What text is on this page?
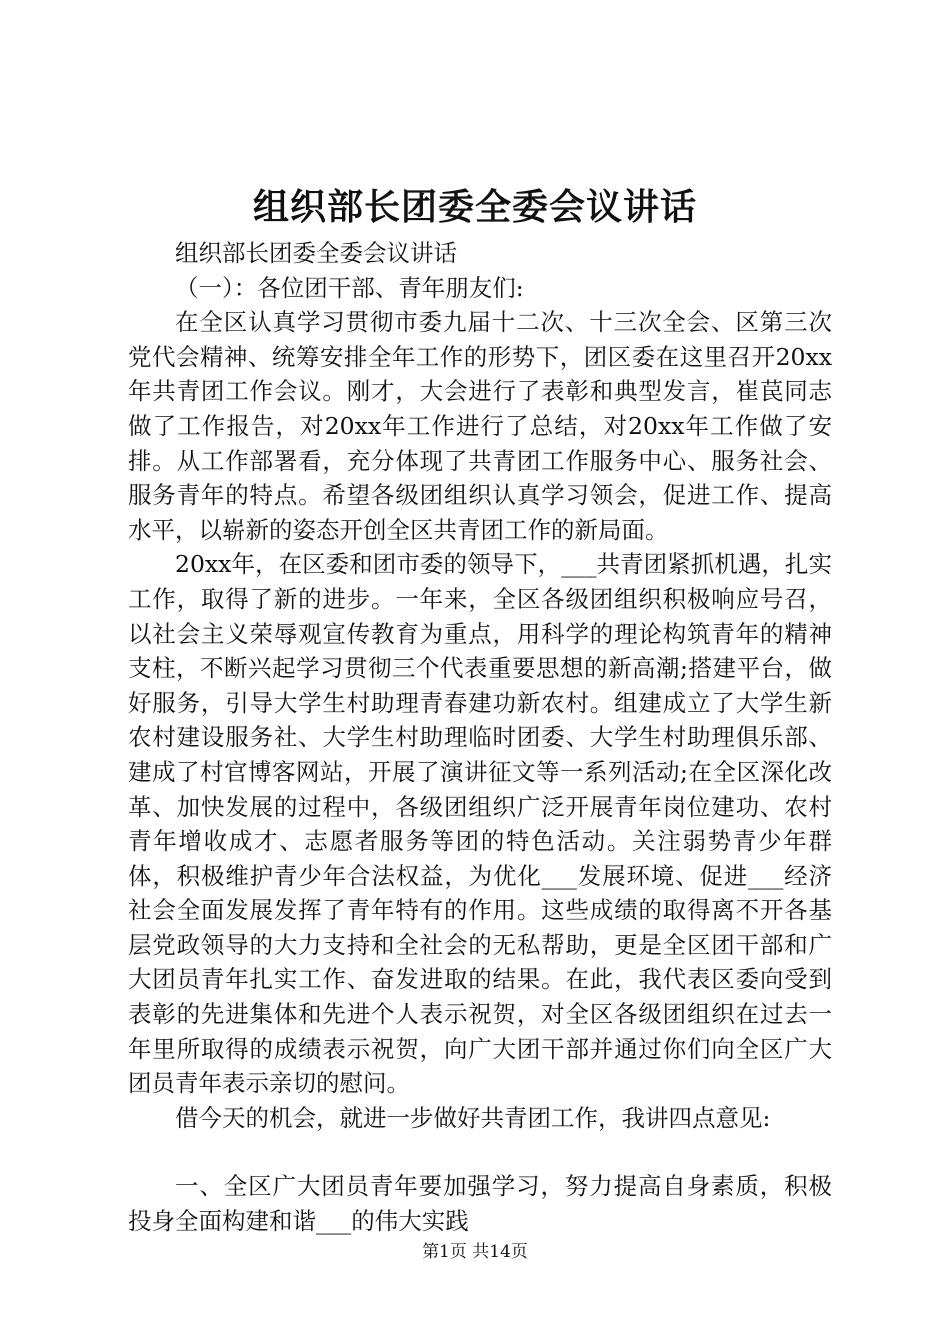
组织部长团委全委会议讲话

组织部长团委全委会议讲话

（一）：各位团干部、青年朋友们:

在全区认真学习贯彻市委九届十二次、十三次全会、区第三次党代会精神、统筹安排全年工作的形势下，团区委在这里召开20xx年共青团工作会议。刚才，大会进行了表彰和典型发言，崔苠同志做了工作报告，对20xx年工作进行了总结，对20xx年工作做了安排。从工作部署看，充分体现了共青团工作服务中心、服务社会、服务青年的特点。希望各级团组织认真学习领会，促进工作、提高水平，以崭新的姿态开创全区共青团工作的新局面。

20xx年，在区委和团市委的领导下，___共青团紧抓机遇，扎实工作，取得了新的进步。一年来，全区各级团组织积极响应号召，以社会主义荣辱观宣传教育为重点，用科学的理论构筑青年的精神支柱，不断兴起学习贯彻三个代表重要思想的新高潮;搭建平台，做好服务，引导大学生村助理青春建功新农村。组建成立了大学生新农村建设服务社、大学生村助理临时团委、大学生村助理俱乐部、建成了村官博客网站，开展了演讲征文等一系列活动;在全区深化改革、加快发展的过程中，各级团组织广泛开展青年岗位建功、农村青年增收成才、志愿者服务等团的特色活动。关注弱势青少年群体，积极维护青少年合法权益，为优化___发展环境、促进___经济社会全面发展发挥了青年特有的作用。这些成绩的取得离不开各基层党政领导的大力支持和全社会的无私帮助，更是全区团干部和广大团员青年扎实工作、奋发进取的结果。在此，我代表区委向受到表彰的先进集体和先进个人表示祝贺，对全区各级团组织在过去一年里所取得的成绩表示祝贺，向广大团干部并通过你们向全区广大团员青年表示亲切的慰问。

借今天的机会，就进一步做好共青团工作，我讲四点意见:

一、全区广大团员青年要加强学习，努力提高自身素质，积极投身全面构建和谐___的伟大实践

第1页 共14页
